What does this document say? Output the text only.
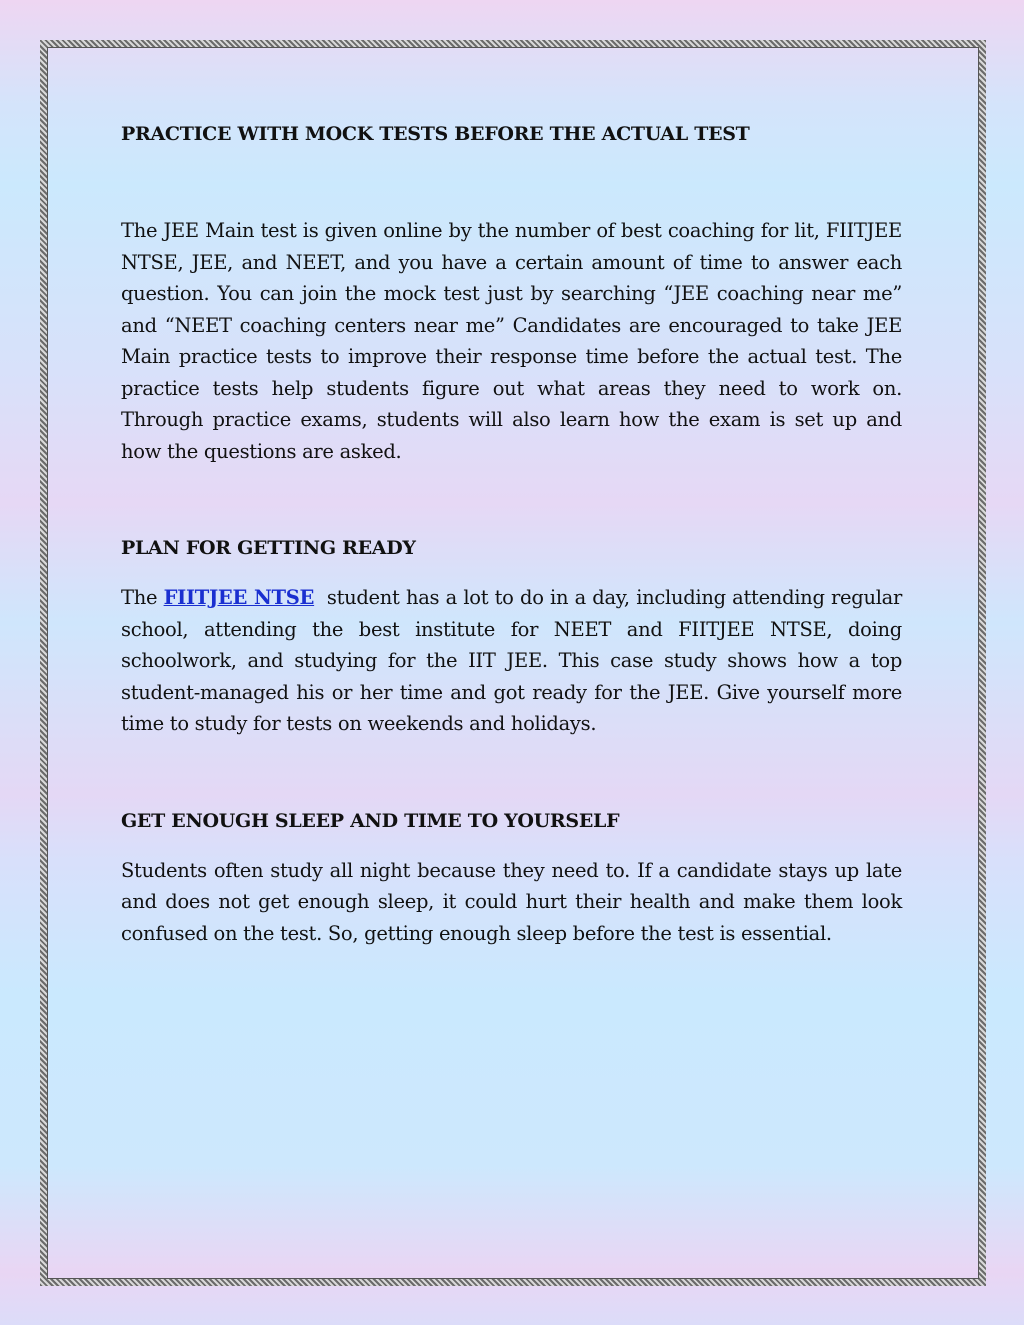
PRACTICE WITH MOCK TESTS BEFORE THE ACTUAL TEST

The JEE Main test is given online by the number of best coaching for lit, FIITJEE NTSE, JEE, and NEET, and you have a certain amount of time to answer each question. You can join the mock test just by searching “JEE coaching near me” and “NEET coaching centers near me” Candidates are encouraged to take JEE Main practice tests to improve their response time before the actual test. The practice tests help students figure out what areas they need to work on. Through practice exams, students will also learn how the exam is set up and how the questions are asked.

PLAN FOR GETTING READY

The FIITJEE NTSE  student has a lot to do in a day, including attending regular school, attending the best institute for NEET and FIITJEE NTSE, doing schoolwork, and studying for the IIT JEE. This case study shows how a top student-managed his or her time and got ready for the JEE. Give yourself more time to study for tests on weekends and holidays.

GET ENOUGH SLEEP AND TIME TO YOURSELF

Students often study all night because they need to. If a candidate stays up late and does not get enough sleep, it could hurt their health and make them look confused on the test. So, getting enough sleep before the test is essential.
